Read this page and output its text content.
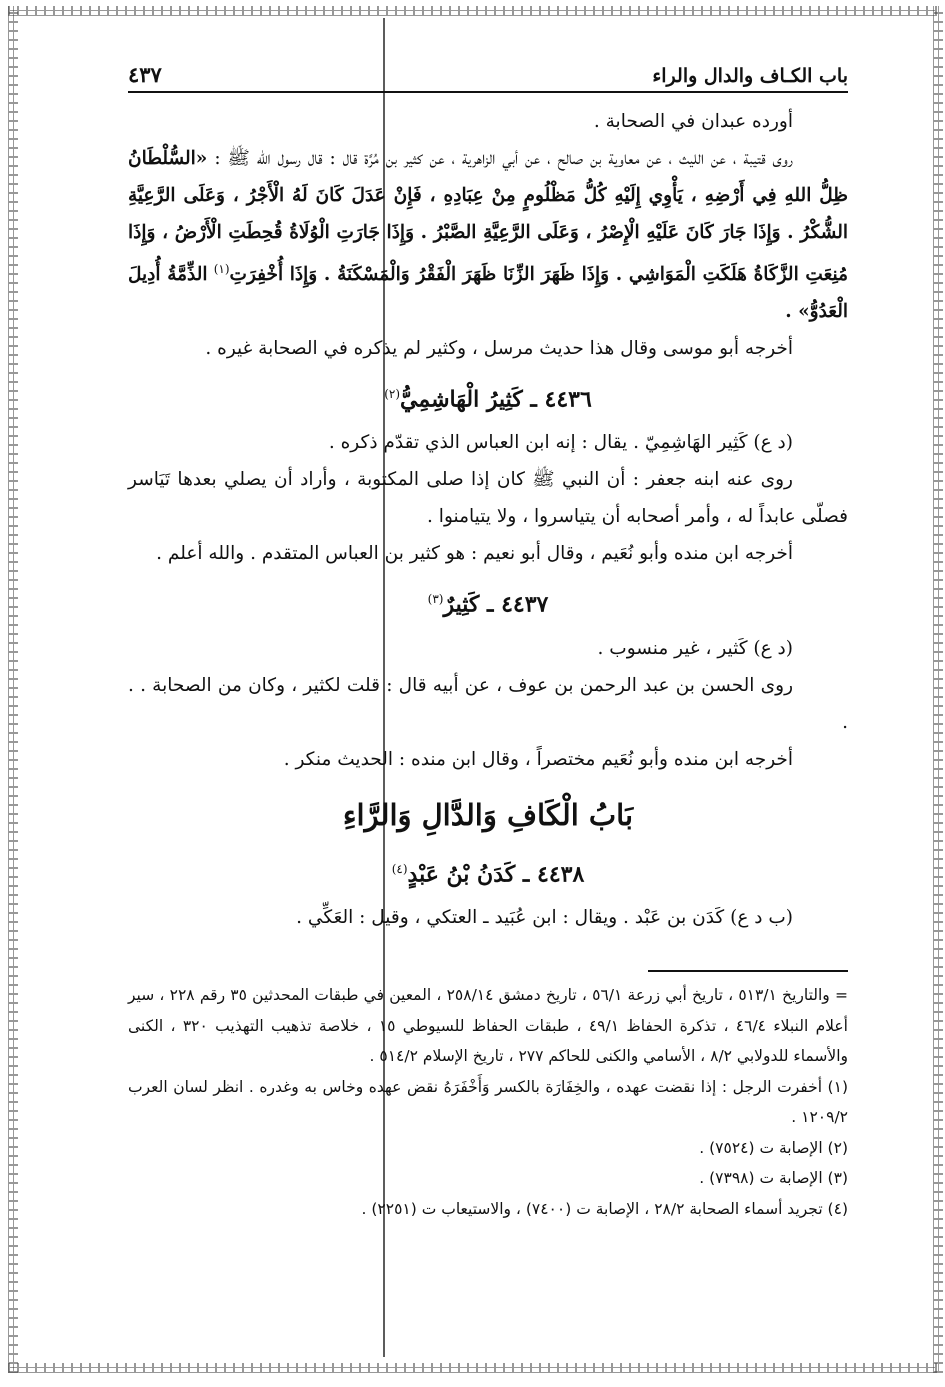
باب الكـاف والدال والراء
٤٣٧

أورده عبدان في الصحابة .

روى قتيبة ، عن الليث ، عن معاوية بن صالح ، عن أبي الزاهرية ، عن كثير بن مُرَّة قال : قال رسول الله ﷺ : «السُّلْطَانُ ظِلُّ اللهِ فِي أَرْضِهِ ، يَأْوِي إِلَيْهِ كُلُّ مَظْلُومٍ مِنْ عِبَادِهِ ، فَإِنْ عَدَلَ كَانَ لَهُ الْأَجْرُ ، وَعَلَى الرَّعِيَّةِ الشُّكْرُ . وَإِذَا جَارَ كَانَ عَلَيْهِ الْإِصْرُ ، وَعَلَى الرَّعِيَّةِ الصَّبْرُ . وَإِذَا جَارَتِ الْوُلَاةُ قُحِطَتِ الْأَرْضُ ، وَإِذَا مُنِعَتِ الزَّكَاةُ هَلَكَتِ الْمَوَاشِي . وَإِذَا ظَهَرَ الزِّنَا ظَهَرَ الْفَقْرُ وَالْمَسْكَنَةُ . وَإِذَا أُخْفِرَتِ$^{(١)}$ الذِّمَّةُ أُدِيلَ الْعَدُوُّ» .

أخرجه أبو موسى وقال هذا حديث مرسل ، وكثير لم يذكره في الصحابة غيره .

٤٤٣٦ ـ كَثِيرُ الْهَاشِمِيُّ$^{(٢)}$

(د ع) كَثِير الهَاشِمِيّ . يقال : إنه ابن العباس الذي تقدّم ذكره .

روى عنه ابنه جعفر : أن النبي ﷺ كان إذا صلى المكتوبة ، وأراد أن يصلي بعدها تَيَاسر فصلّى عابداً له ، وأمر أصحابه أن يتياسروا ، ولا يتيامنوا .

أخرجه ابن منده وأبو نُعَيم ، وقال أبو نعيم : هو كثير بن العباس المتقدم . والله أعلم .

٤٤٣٧ ـ كَثِيرٌ$^{(٣)}$

(د ع) كَثير ، غير منسوب .

روى الحسن بن عبد الرحمن بن عوف ، عن أبيه قال : قلت لكثير ، وكان من الصحابة . . .

أخرجه ابن منده وأبو نُعَيم مختصراً ، وقال ابن منده : الحديث منكر .

بَابُ الْكَافِ وَالدَّالِ وَالرَّاءِ
٤٤٣٨ ـ كَدَنُ بْنُ عَبْدٍ$^{(٤)}$

(ب د ع) كَدَن بن عَبْد . ويقال : ابن عُبَيد ـ العتكي ، وقيل : العَكِّي .

= والتاريخ ٥١٣/١ ، تاريخ أبي زرعة ٥٦/١ ، تاريخ دمشق ٢٥٨/١٤ ، المعين في طبقات المحدثين ٣٥ رقم ٢٢٨ ، سير أعلام النبلاء ٤٦/٤ ، تذكرة الحفاظ ٤٩/١ ، طبقات الحفاظ للسيوطي ١٥ ، خلاصة تذهيب التهذيب ٣٢٠ ، الكنى والأسماء للدولابي ٨/٢ ، الأسامي والكنى للحاكم ٢٧٧ ، تاريخ الإسلام ٥١٤/٢ .

(١) أخفرت الرجل : إذا نقضت عهده ، والخِفَارَة بالكسر وَأَخْفَرَهُ نقض عهده وخاس به وغدره . انظر لسان العرب ١٢٠٩/٢ .

(٢) الإصابة ت (٧٥٢٤) .

(٣) الإصابة ت (٧٣٩٨) .

(٤) تجريد أسماء الصحابة ٢٨/٢ ، الإصابة ت (٧٤٠٠) ، والاستيعاب ت (٢٢٥١) .
